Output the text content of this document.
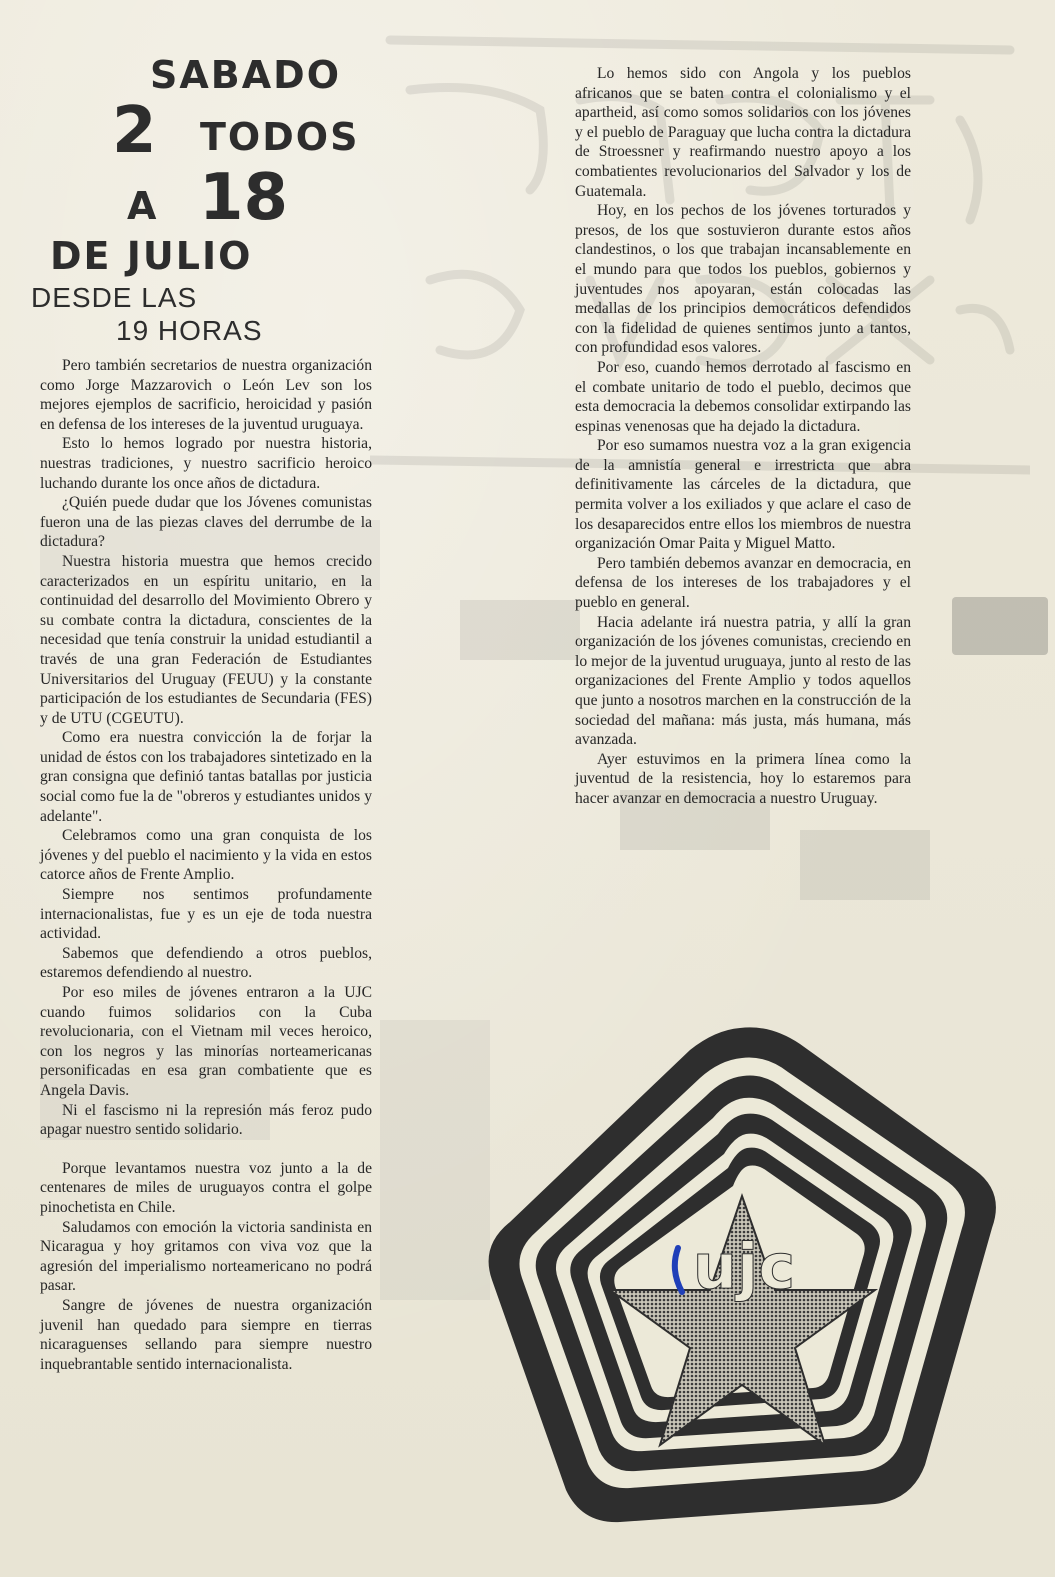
SABADO
2 TODOS
A 18
DE JULIO
DESDE LAS
19 HORAS

Pero también secretarios de nuestra organización como Jorge Mazzarovich o León Lev son los mejores ejemplos de sacrificio, heroicidad y pasión en defensa de los intereses de la juventud uruguaya.

Esto lo hemos logrado por nuestra historia, nuestras tradiciones, y nuestro sacrificio heroico luchando durante los once años de dictadura.

¿Quién puede dudar que los Jóvenes comunistas fueron una de las piezas claves del derrumbe de la dictadura?

Nuestra historia muestra que hemos crecido caracterizados en un espíritu unitario, en la continuidad del desarrollo del Movimiento Obrero y su combate contra la dictadura, conscientes de la necesidad que tenía construir la unidad estudiantil a través de una gran Federación de Estudiantes Universitarios del Uruguay (FEUU) y la constante participación de los estudiantes de Secundaria (FES) y de UTU (CGEUTU).

Como era nuestra convicción la de forjar la unidad de éstos con los trabajadores sintetizado en la gran consigna que definió tantas batallas por justicia social como fue la de "obreros y estudiantes unidos y adelante".

Celebramos como una gran conquista de los jóvenes y del pueblo el nacimiento y la vida en estos catorce años de Frente Amplio.

Siempre nos sentimos profundamente internacionalistas, fue y es un eje de toda nuestra actividad.

Sabemos que defendiendo a otros pueblos, estaremos defendiendo al nuestro.

Por eso miles de jóvenes entraron a la UJC cuando fuimos solidarios con la Cuba revolucionaria, con el Vietnam mil veces heroico, con los negros y las minorías norteamericanas personificadas en esa gran combatiente que es Angela Davis.

Ni el fascismo ni la represión más feroz pudo apagar nuestro sentido solidario.

Porque levantamos nuestra voz junto a la de centenares de miles de uruguayos contra el golpe pinochetista en Chile.

Saludamos con emoción la victoria sandinista en Nicaragua y hoy gritamos con viva voz que la agresión del imperialismo norteamericano no podrá pasar.

Sangre de jóvenes de nuestra organización juvenil han quedado para siempre en tierras nicaraguenses sellando para siempre nuestro inquebrantable sentido internacionalista.

Lo hemos sido con Angola y los pueblos africanos que se baten contra el colonialismo y el apartheid, así como somos solidarios con los jóvenes y el pueblo de Paraguay que lucha contra la dictadura de Stroessner y reafirmando nuestro apoyo a los combatientes revolucionarios del Salvador y los de Guatemala.

Hoy, en los pechos de los jóvenes torturados y presos, de los que sostuvieron durante estos años clandestinos, o los que trabajan incansablemente en el mundo para que todos los pueblos, gobiernos y juventudes nos apoyaran, están colocadas las medallas de los principios democráticos defendidos con la fidelidad de quienes sentimos junto a tantos, con profundidad esos valores.

Por eso, cuando hemos derrotado al fascismo en el combate unitario de todo el pueblo, decimos que esta democracia la debemos consolidar extirpando las espinas venenosas que ha dejado la dictadura.

Por eso sumamos nuestra voz a la gran exigencia de la amnistía general e irrestricta que abra definitivamente las cárceles de la dictadura, que permita volver a los exiliados y que aclare el caso de los desaparecidos entre ellos los miembros de nuestra organización Omar Paita y Miguel Matto.

Pero también debemos avanzar en democracia, en defensa de los intereses de los trabajadores y el pueblo en general.

Hacia adelante irá nuestra patria, y allí la gran organización de los jóvenes comunistas, creciendo en lo mejor de la juventud uruguaya, junto al resto de las organizaciones del Frente Amplio y todos aquellos que junto a nosotros marchen en la construcción de la sociedad del mañana: más justa, más humana, más avanzada.

Ayer estuvimos en la primera línea como la juventud de la resistencia, hoy lo estaremos para hacer avanzar en democracia a nuestro Uruguay.

ujc
